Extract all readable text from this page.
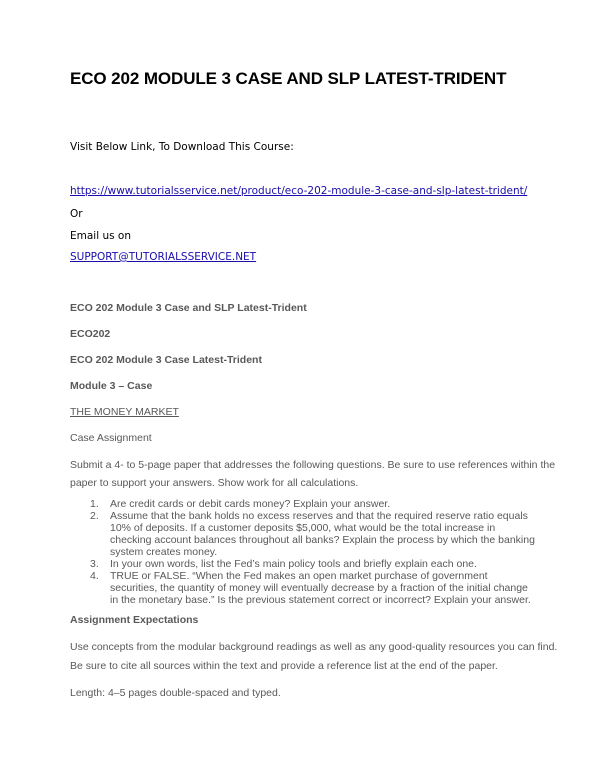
ECO 202 MODULE 3 CASE AND SLP LATEST-TRIDENT
Visit Below Link, To Download This Course:
https://www.tutorialsservice.net/product/eco-202-module-3-case-and-slp-latest-trident/
Or
Email us on
SUPPORT@TUTORIALSSERVICE.NET
ECO 202 Module 3 Case and SLP Latest-Trident
ECO202
ECO 202 Module 3 Case Latest-Trident
Module 3 – Case
THE MONEY MARKET
Case Assignment
Submit a 4- to 5-page paper that addresses the following questions. Be sure to use references within the
paper to support your answers. Show work for all calculations.
1. Are credit cards or debit cards money? Explain your answer.
2. Assume that the bank holds no excess reserves and that the required reserve ratio equals 10% of deposits. If a customer deposits $5,000, what would be the total increase in checking account balances throughout all banks? Explain the process by which the banking system creates money.
3. In your own words, list the Fed’s main policy tools and briefly explain each one.
4. TRUE or FALSE. “When the Fed makes an open market purchase of government securities, the quantity of money will eventually decrease by a fraction of the initial change in the monetary base.” Is the previous statement correct or incorrect? Explain your answer.
Assignment Expectations
Use concepts from the modular background readings as well as any good-quality resources you can find.
Be sure to cite all sources within the text and provide a reference list at the end of the paper.
Length: 4–5 pages double-spaced and typed.
